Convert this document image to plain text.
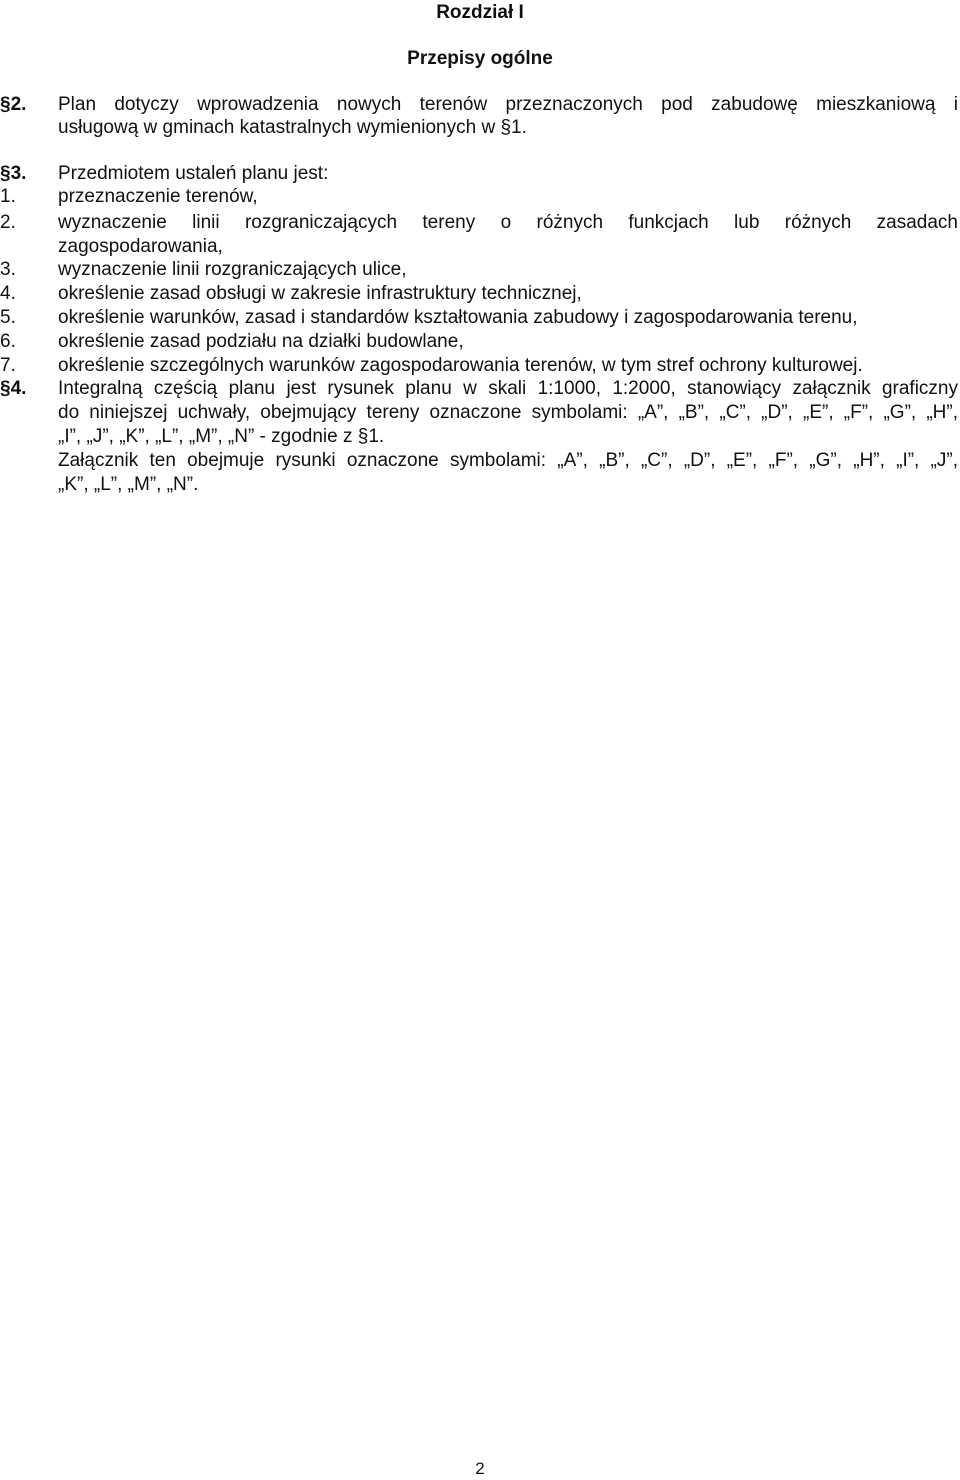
Rozdział I
Przepisy ogólne
§2. Plan dotyczy wprowadzenia nowych terenów przeznaczonych pod zabudowę mieszkaniową i
usługową w gminach katastralnych wymienionych w §1.
§3. Przedmiotem ustaleń planu jest:
1. przeznaczenie terenów,
2. wyznaczenie linii rozgraniczających tereny o różnych funkcjach lub różnych zasadach
zagospodarowania,
3. wyznaczenie linii rozgraniczających ulice,
4. określenie zasad obsługi w zakresie infrastruktury technicznej,
5. określenie warunków, zasad i standardów kształtowania zabudowy i zagospodarowania terenu,
6. określenie zasad podziału na działki budowlane,
7. określenie szczególnych warunków zagospodarowania terenów, w tym stref ochrony kulturowej.
§4. Integralną częścią planu jest rysunek planu w skali 1:1000, 1:2000, stanowiący załącznik graficzny
do niniejszej uchwały, obejmujący tereny oznaczone symbolami: „A”, „B”, „C”, „D”, „E”, „F”, „G”, „H”,
„I”, „J”, „K”, „L”, „M”, „N” - zgodnie z §1.
Załącznik ten obejmuje rysunki oznaczone symbolami: „A”, „B”, „C”, „D”, „E”, „F”, „G”, „H”, „I”, „J”,
„K”, „L”, „M”, „N”.
2
